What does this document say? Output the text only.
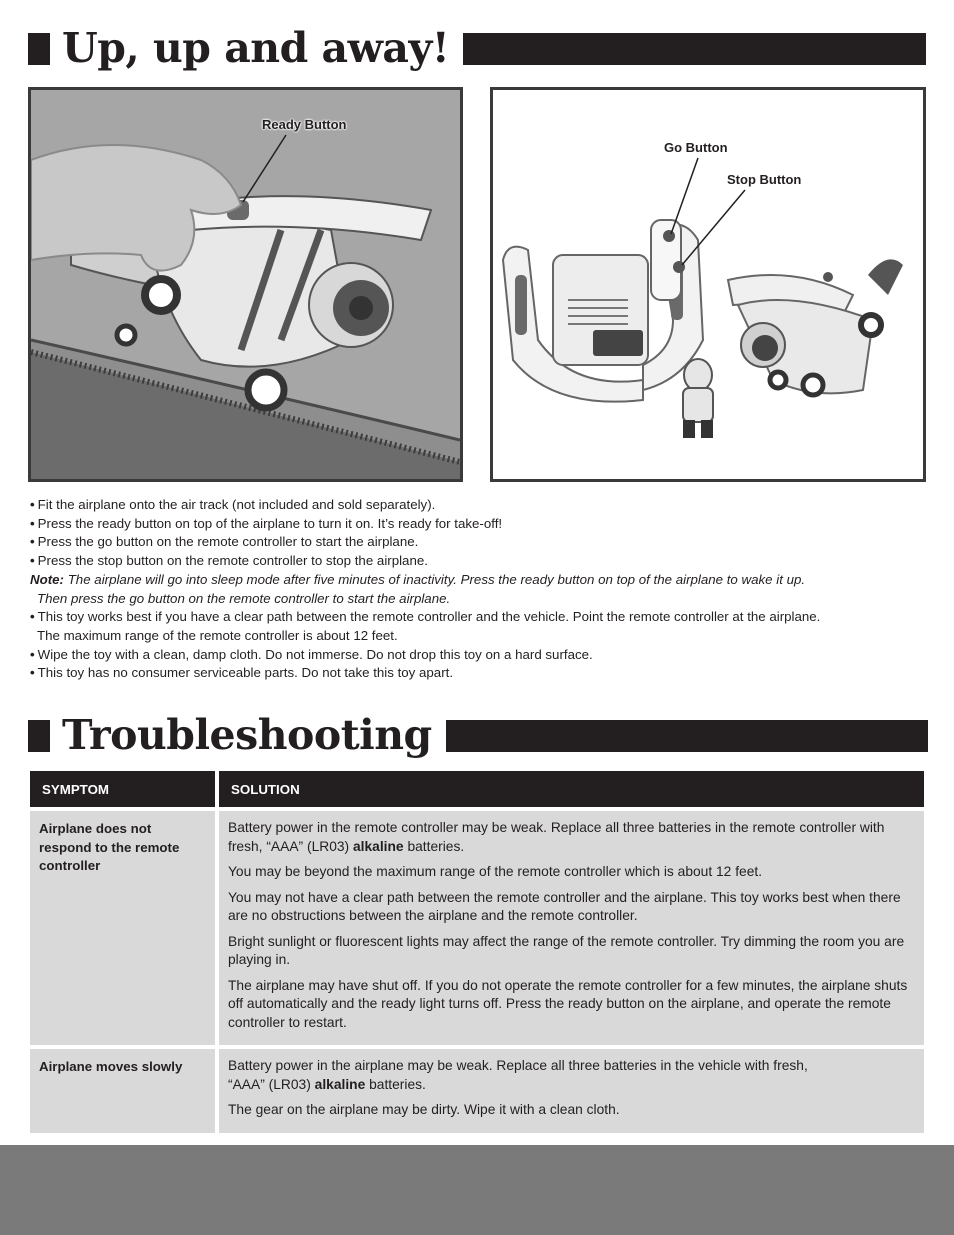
Up, up and away!
Ready Button
Go Button
Stop Button
• Fit the airplane onto the air track (not included and sold separately).
• Press the ready button on top of the airplane to turn it on. It’s ready for take-off!
• Press the go button on the remote controller to start the airplane.
• Press the stop button on the remote controller to stop the airplane.
Note: The airplane will go into sleep mode after five minutes of inactivity. Press the ready button on top of the airplane to wake it up.
Then press the go button on the remote controller to start the airplane.
• This toy works best if you have a clear path between the remote controller and the vehicle. Point the remote controller at the airplane.
The maximum range of the remote controller is about 12 feet.
• Wipe the toy with a clean, damp cloth. Do not immerse. Do not drop this toy on a hard surface.
• This toy has no consumer serviceable parts. Do not take this toy apart.
Troubleshooting
SYMPTOM	SOLUTION
Airplane does not respond to the remote controller

Battery power in the remote controller may be weak. Replace all three batteries in the remote controller with fresh, “AAA” (LR03) alkaline batteries.

You may be beyond the maximum range of the remote controller which is about 12 feet.

You may not have a clear path between the remote controller and the airplane. This toy works best when there are no obstructions between the airplane and the remote controller.

Bright sunlight or fluorescent lights may affect the range of the remote controller. Try dimming the room you are playing in.

The airplane may have shut off. If you do not operate the remote controller for a few minutes, the airplane shuts off automatically and the ready light turns off. Press the ready button on the airplane, and operate the remote controller to restart.

Airplane moves slowly	Battery power in the airplane may be weak. Replace all three batteries in the vehicle with fresh,
“AAA” (LR03) alkaline batteries.

The gear on the airplane may be dirty. Wipe it with a clean cloth.
